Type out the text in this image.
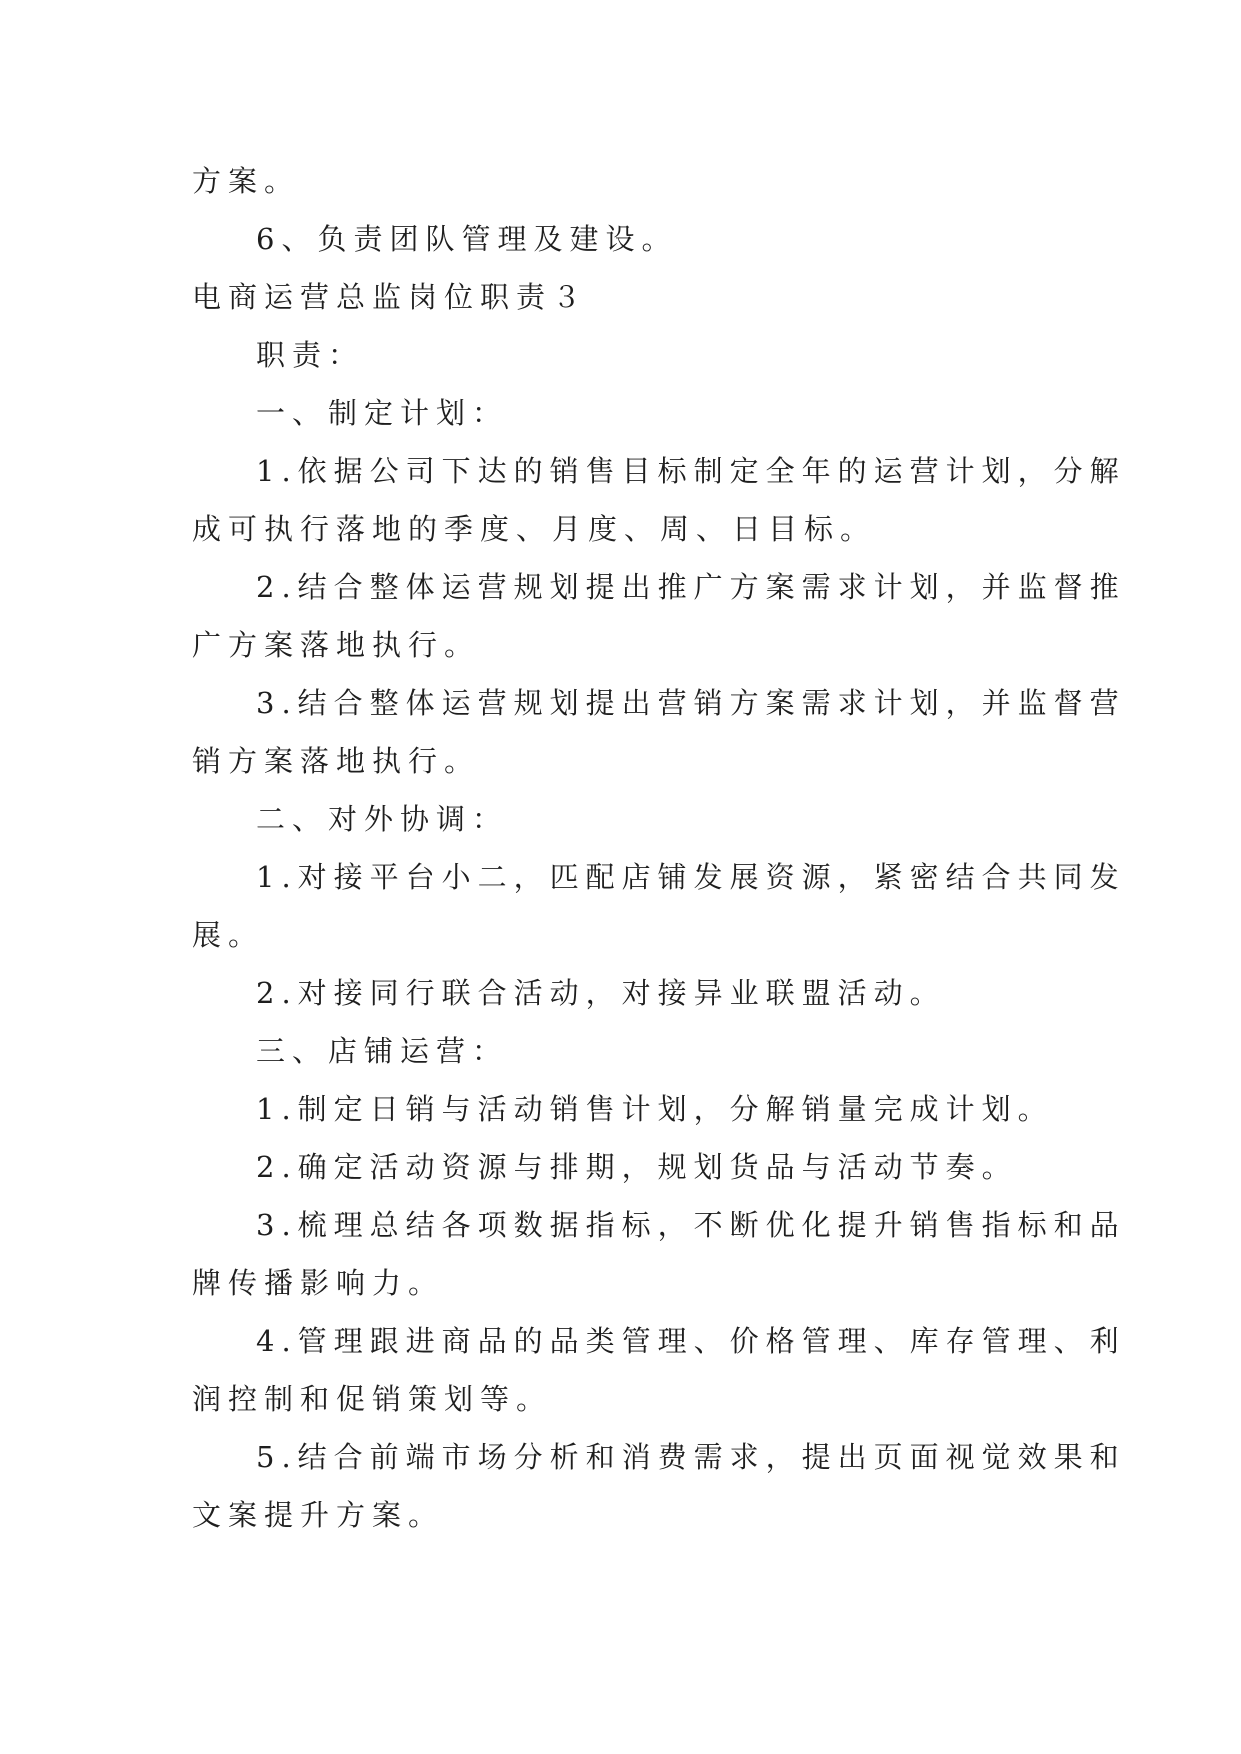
方案。
6、负责团队管理及建设。
电商运营总监岗位职责３
职责：
一、制定计划：
1.依据公司下达的销售目标制定全年的运营计划，分解
成可执行落地的季度、月度、周、日目标。
2.结合整体运营规划提出推广方案需求计划，并监督推
广方案落地执行。
3.结合整体运营规划提出营销方案需求计划，并监督营
销方案落地执行。
二、对外协调：
1.对接平台小二，匹配店铺发展资源，紧密结合共同发
展。
2.对接同行联合活动，对接异业联盟活动。
三、店铺运营：
1.制定日销与活动销售计划，分解销量完成计划。
2.确定活动资源与排期，规划货品与活动节奏。
3.梳理总结各项数据指标，不断优化提升销售指标和品
牌传播影响力。
4.管理跟进商品的品类管理、价格管理、库存管理、利
润控制和促销策划等。
5.结合前端市场分析和消费需求，提出页面视觉效果和
文案提升方案。
